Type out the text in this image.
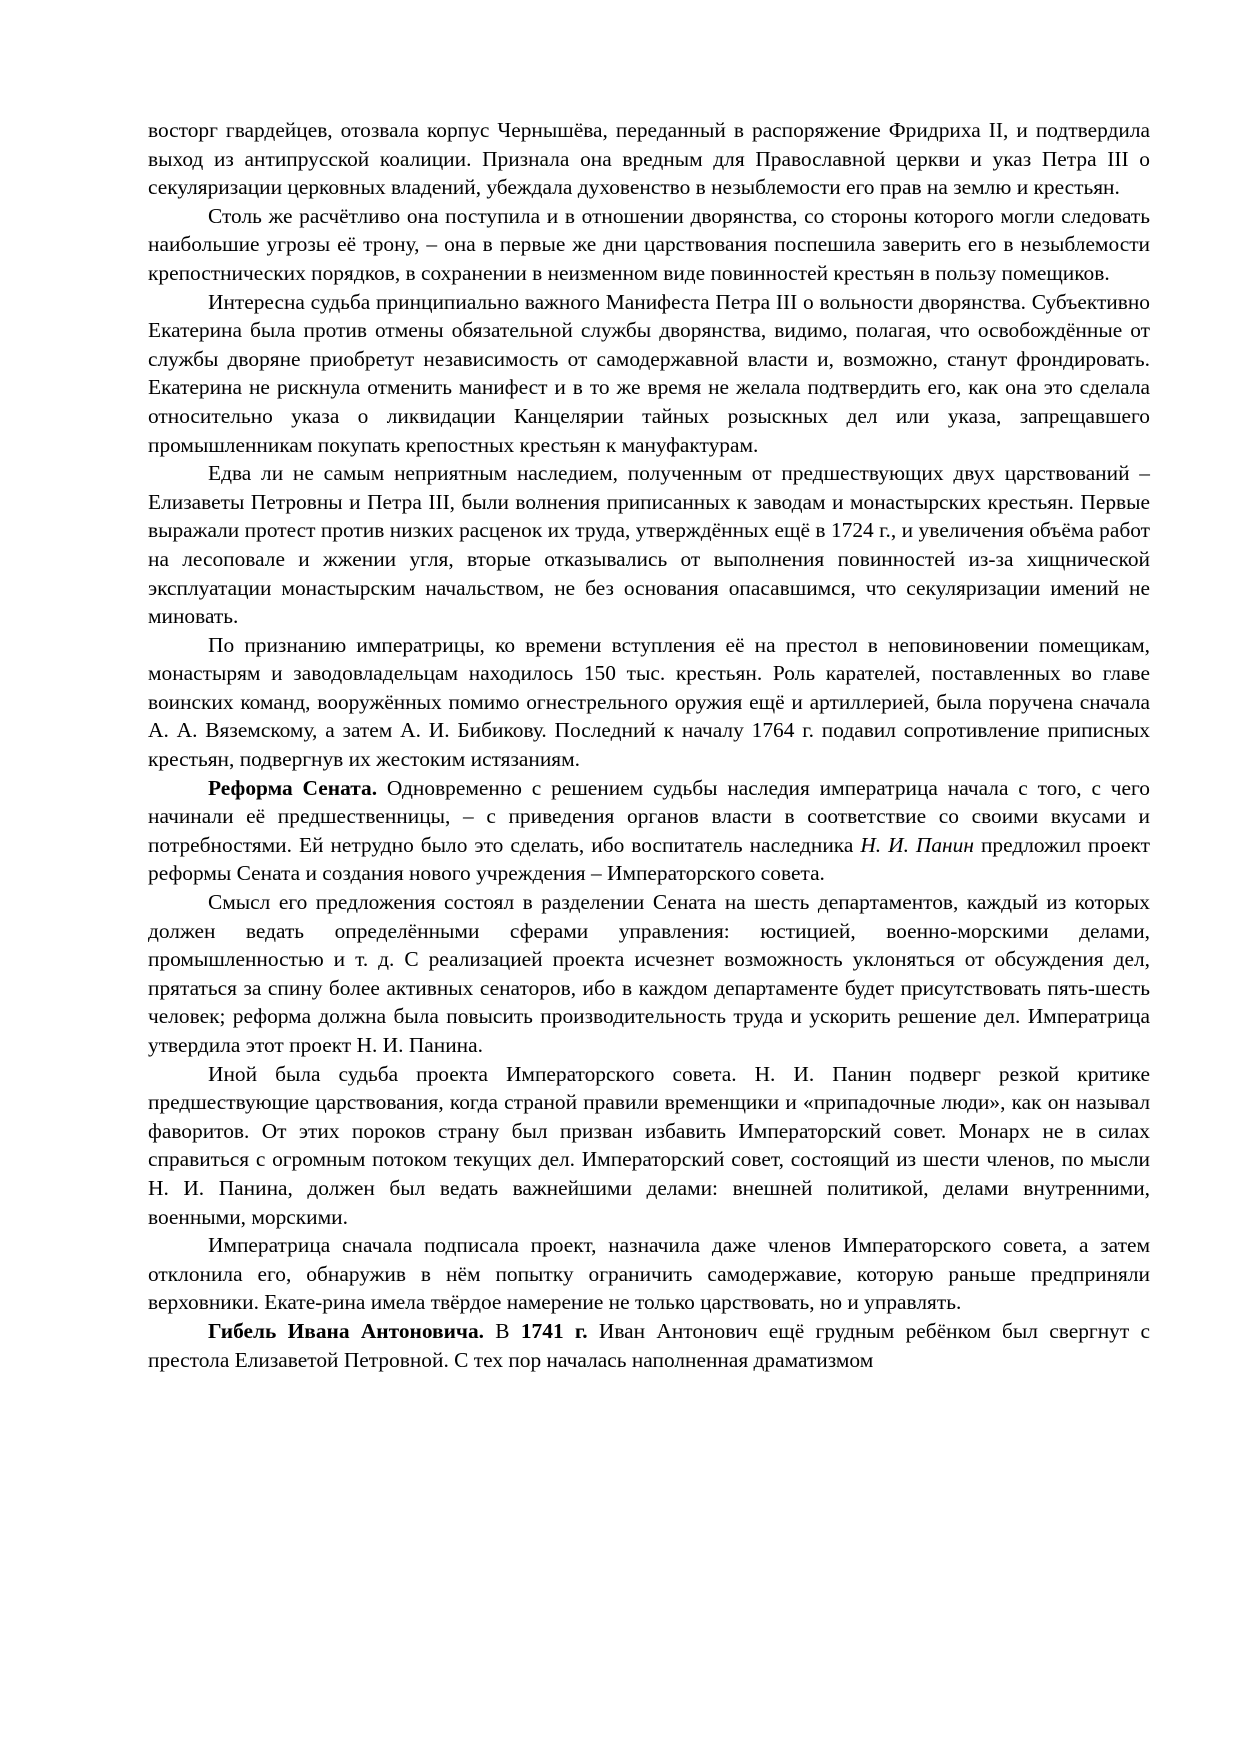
восторг гвардейцев, отозвала корпус Чернышёва, переданный в распоряжение Фридриха II, и подтвердила выход из антипрусской коалиции. Признала она вредным для Православной церкви и указ Петра III о секуляризации церковных владений, убеждала духовенство в незыблемости его прав на землю и крестьян.

Столь же расчётливо она поступила и в отношении дворянства, со стороны которого могли следовать наибольшие угрозы её трону, – она в первые же дни царствования поспешила заверить его в незыблемости крепостнических порядков, в сохранении в неизменном виде повинностей крестьян в пользу помещиков.

Интересна судьба принципиально важного Манифеста Петра III о вольности дворянства. Субъективно Екатерина была против отмены обязательной службы дворянства, видимо, полагая, что освобождённые от службы дворяне приобретут независимость от самодержавной власти и, возможно, станут фрондировать. Екатерина не рискнула отменить манифест и в то же время не желала подтвердить его, как она это сделала относительно указа о ликвидации Канцелярии тайных розыскных дел или указа, запрещавшего промышленникам покупать крепостных крестьян к мануфактурам.

Едва ли не самым неприятным наследием, полученным от предшествующих двух царствований – Елизаветы Петровны и Петра III, были волнения приписанных к заводам и монастырских крестьян. Первые выражали протест против низких расценок их труда, утверждённых ещё в 1724 г., и увеличения объёма работ на лесоповале и жжении угля, вторые отказывались от выполнения повинностей из-за хищнической эксплуатации монастырским начальством, не без основания опасавшимся, что секуляризации имений не миновать.

По признанию императрицы, ко времени вступления её на престол в неповиновении помещикам, монастырям и заводовладельцам находилось 150 тыс. крестьян. Роль карателей, поставленных во главе воинских команд, вооружённых помимо огнестрельного оружия ещё и артиллерией, была поручена сначала А. А. Вяземскому, а затем А. И. Бибикову. Последний к началу 1764 г. подавил сопротивление приписных крестьян, подвергнув их жестоким истязаниям.

Реформа Сената. Одновременно с решением судьбы наследия императрица начала с того, с чего начинали её предшественницы, – с приведения органов власти в соответствие со своими вкусами и потребностями. Ей нетрудно было это сделать, ибо воспитатель наследника Н. И. Панин предложил проект реформы Сената и создания нового учреждения – Императорского совета.

Смысл его предложения состоял в разделении Сената на шесть департаментов, каждый из которых должен ведать определёнными сферами управления: юстицией, военно-морскими делами, промышленностью и т. д. С реализацией проекта исчезнет возможность уклоняться от обсуждения дел, прятаться за спину более активных сенаторов, ибо в каждом департаменте будет присутствовать пять-шесть человек; реформа должна была повысить производительность труда и ускорить решение дел. Императрица утвердила этот проект Н. И. Панина.

Иной была судьба проекта Императорского совета. Н. И. Панин подверг резкой критике предшествующие царствования, когда страной правили временщики и «припадочные люди», как он называл фаворитов. От этих пороков страну был призван избавить Императорский совет. Монарх не в силах справиться с огромным потоком текущих дел. Императорский совет, состоящий из шести членов, по мысли Н. И. Панина, должен был ведать важнейшими делами: внешней политикой, делами внутренними, военными, морскими.

Императрица сначала подписала проект, назначила даже членов Императорского совета, а затем отклонила его, обнаружив в нём попытку ограничить самодержавие, которую раньше предприняли верховники. Екате-рина имела твёрдое намерение не только царствовать, но и управлять.

Гибель Ивана Антоновича. В 1741 г. Иван Антонович ещё грудным ребёнком был свергнут с престола Елизаветой Петровной. С тех пор началась наполненная драматизмом
